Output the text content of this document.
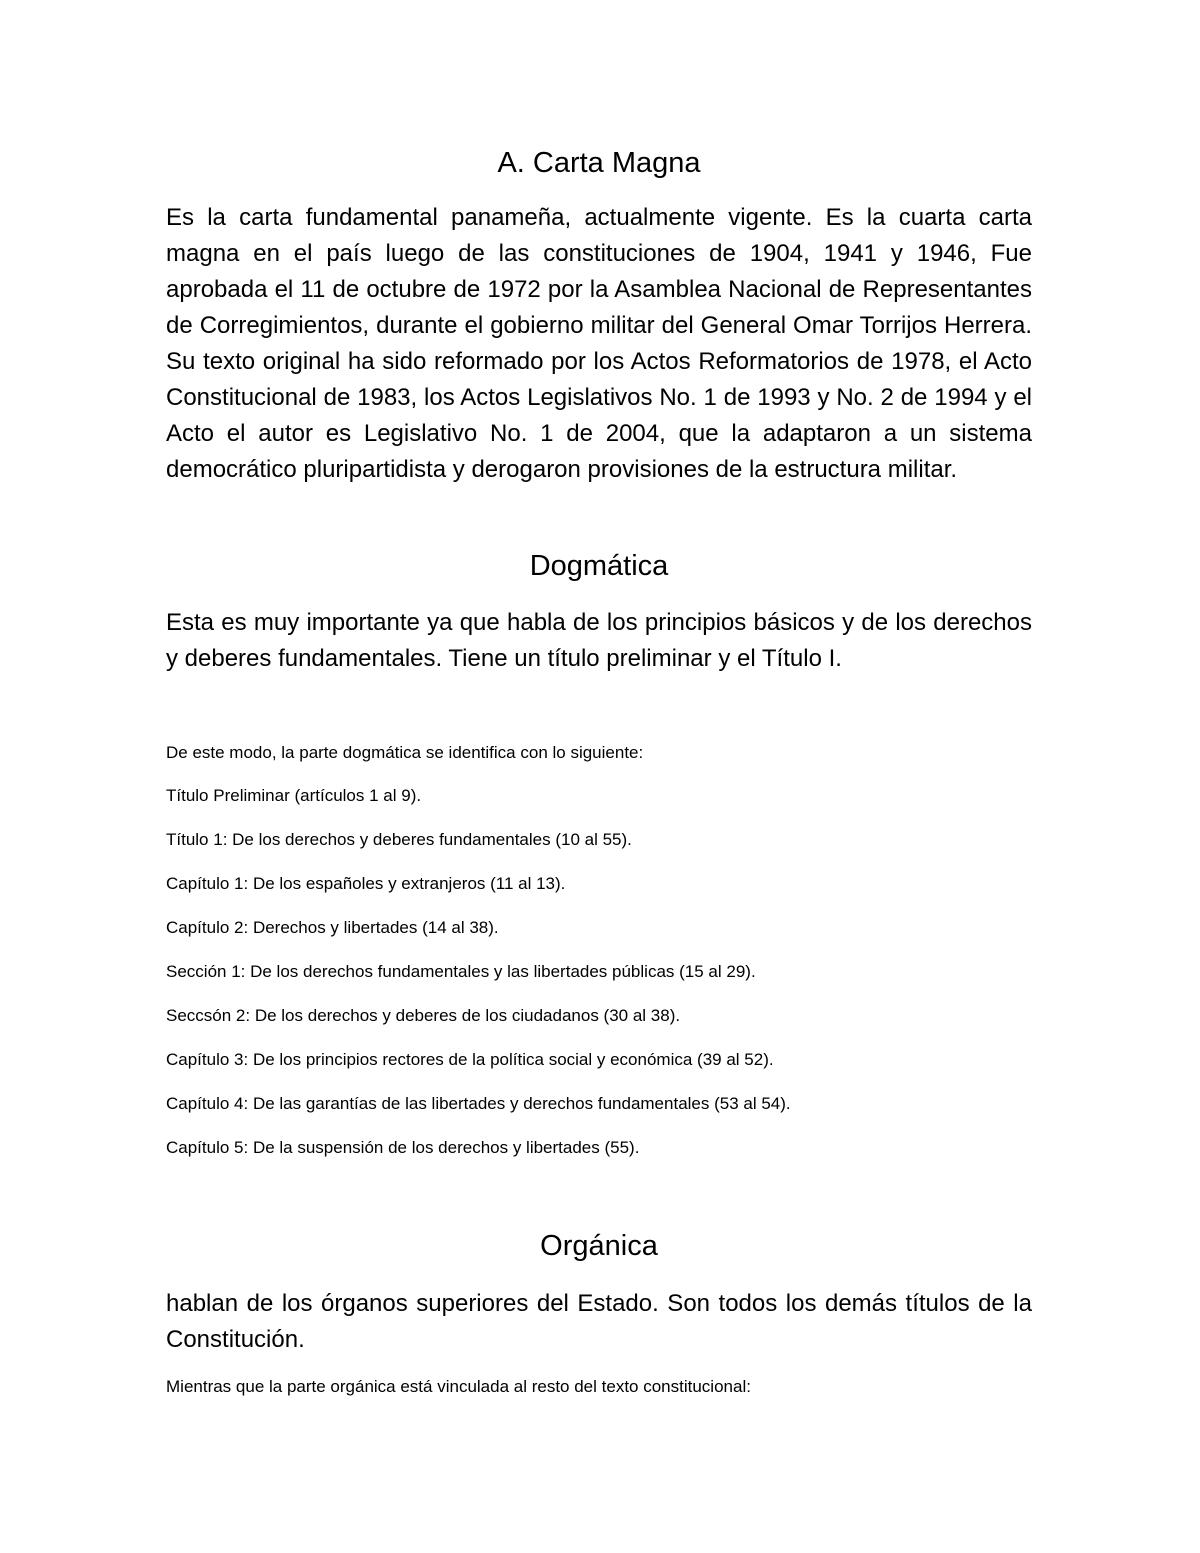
A. Carta Magna

Es la carta fundamental panameña, actualmente vigente. Es la cuarta carta magna en el país luego de las constituciones de 1904, 1941 y 1946, Fue aprobada el 11 de octubre de 1972 por la Asamblea Nacional de Representantes de Corregimientos, durante el gobierno militar del General Omar Torrijos Herrera. Su texto original ha sido reformado por los Actos Reformatorios de 1978, el Acto Constitucional de 1983, los Actos Legislativos No. 1 de 1993 y No. 2 de 1994 y el Acto el autor es Legislativo No. 1 de 2004, que la adaptaron a un sistema democrático pluripartidista y derogaron provisiones de la estructura militar.

Dogmática

Esta es muy importante ya que habla de los principios básicos y de los derechos y deberes fundamentales. Tiene un título preliminar y el Título I.

De este modo, la parte dogmática se identifica con lo siguiente:

Título Preliminar (artículos 1 al 9).

Título 1: De los derechos y deberes fundamentales (10 al 55).

Capítulo 1: De los españoles y extranjeros (11 al 13).

Capítulo 2: Derechos y libertades (14 al 38).

Sección 1: De los derechos fundamentales y las libertades públicas (15 al 29).

Seccsón 2: De los derechos y deberes de los ciudadanos (30 al 38).

Capítulo 3: De los principios rectores de la política social y económica (39 al 52).

Capítulo 4: De las garantías de las libertades y derechos fundamentales (53 al 54).

Capítulo 5: De la suspensión de los derechos y libertades (55).

Orgánica

hablan de los órganos superiores del Estado. Son todos los demás títulos de la Constitución.

Mientras que la parte orgánica está vinculada al resto del texto constitucional:
